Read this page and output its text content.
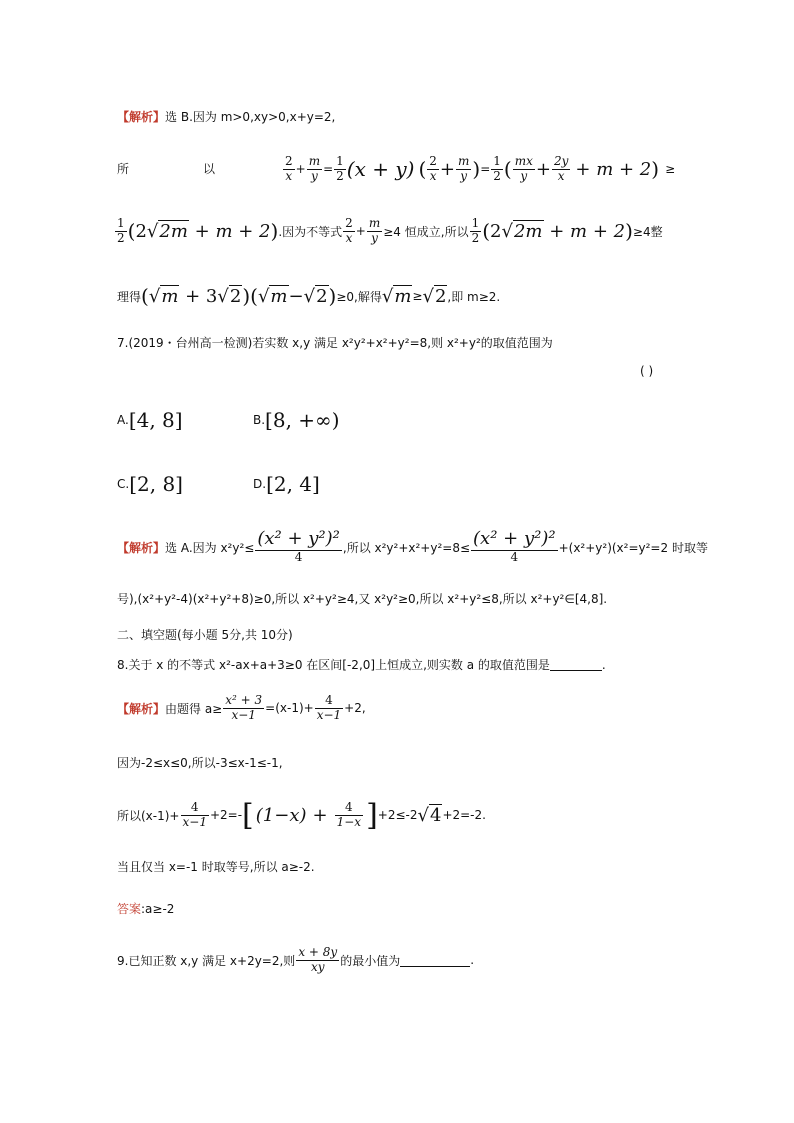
【解析】选 B.因为 m>0,xy>0,x+y=2,
所	以	$\frac{2}{x} + \frac{m}{y} = \frac{1}{2} (x + y)$ ( $\frac{2}{x} + \frac{m}{y}$ ) = $\frac{1}{2}$ ( $\frac{mx}{y} + \frac{2y}{x} + m + 2$ ) ≥
$\frac{1}{2}$ ( 2√2m + m + 2 ) .因为不等式 $\frac{2}{x} + \frac{m}{y} \ge 4$ 恒成立,所以 $\frac{1}{2}$ ( 2√2m + m + 2 ) ≥4整
理得 ( √m + 3√2 )( √m−√2 ) ≥0,解得 √m ≥ √2 ,即 m≥2.
7.(2019・台州高一检测)若实数 x,y 满足 x²y²+x²+y²=8,则 x²+y²的取值范围为
( )
A. [4, 8]	B. [8, +∞)
C. [2, 8]	D. [2, 4]
【解析】 选 A.因为 $x^2y^2\le \frac{\text{(x² + y²)²}}{4}$ ,所以 $x^2y^2+x^2+y^2=8\le \frac{\text{(x² + y²)²}}{4} +(x^2+y^2)(x^2=y^2=2$ 时取等
号),(x²+y²-4)(x²+y²+8)≥0,所以 x²+y²≥4,又 x²y²≥0,所以 x²+y²≤8,所以 x²+y²∈[4,8].
二、填空题(每小题 5分,共 10分)
8.关于 x 的不等式 x²-ax+a+3≥0 在区间[-2,0]上恒成立,则实数 a 的取值范围是	.
【解析】 由题得 $a\ge \frac{\text{x² + 3}}{x-1} =(x-1)+ \frac{4}{x-1} +2$,
因为-2≤x≤0,所以-3≤x-1≤-1,
所以$(x-1)+ \frac{4}{x-1} +2=-$ [ $(1-x) + \frac{4}{1-x}$ ] +2≤-2 √4 +2=-2.
当且仅当 x=-1 时取等号,所以 a≥-2.
答案:a≥-2
9.已知正数 x,y 满足 x+2y=2,则 $\frac{x + 8y}{xy}$ 的最小值为	.
